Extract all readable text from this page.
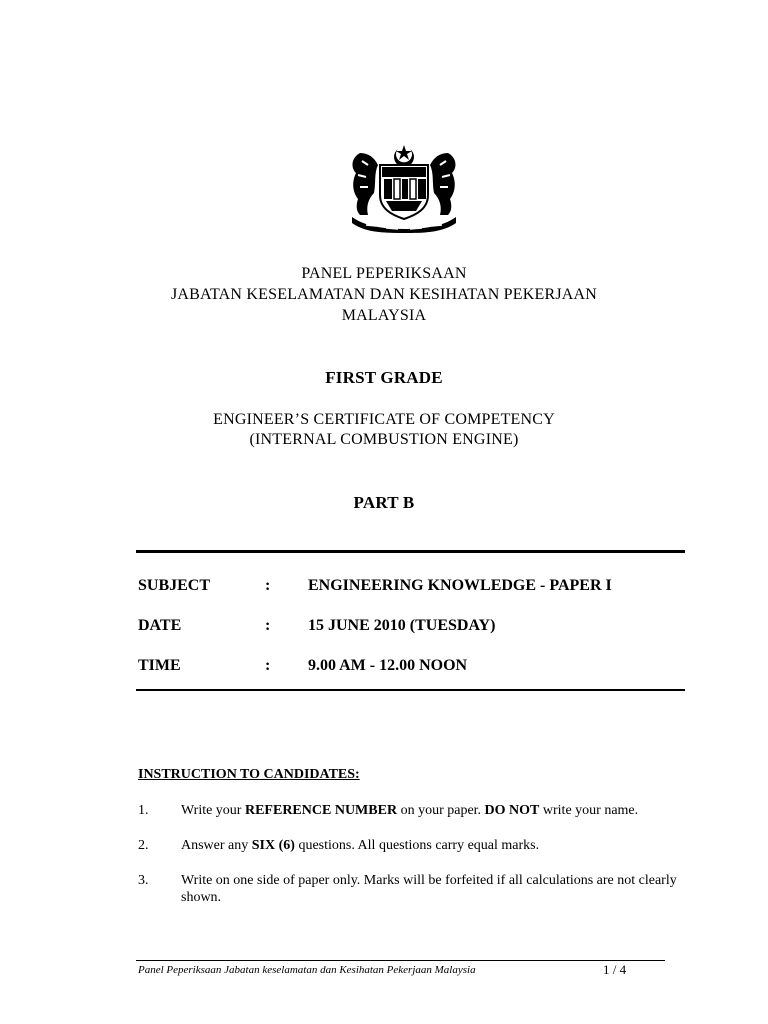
PANEL PEPERIKSAAN
JABATAN KESELAMATAN DAN KESIHATAN PEKERJAAN
MALAYSIA
FIRST GRADE
ENGINEER’S CERTIFICATE OF COMPETENCY
(INTERNAL COMBUSTION ENGINE)
PART B
SUBJECT	: ENGINEERING KNOWLEDGE - PAPER I
DATE	: 15 JUNE 2010 (TUESDAY)
TIME	: 9.00 AM - 12.00 NOON
INSTRUCTION TO CANDIDATES:
1. Write your REFERENCE NUMBER on your paper. DO NOT write your name.
2. Answer any SIX (6) questions. All questions carry equal marks.
3. Write on one side of paper only. Marks will be forfeited if all calculations are not clearly shown.
Panel Peperiksaan Jabatan keselamatan dan Kesihatan Pekerjaan Malaysia	1 / 4
